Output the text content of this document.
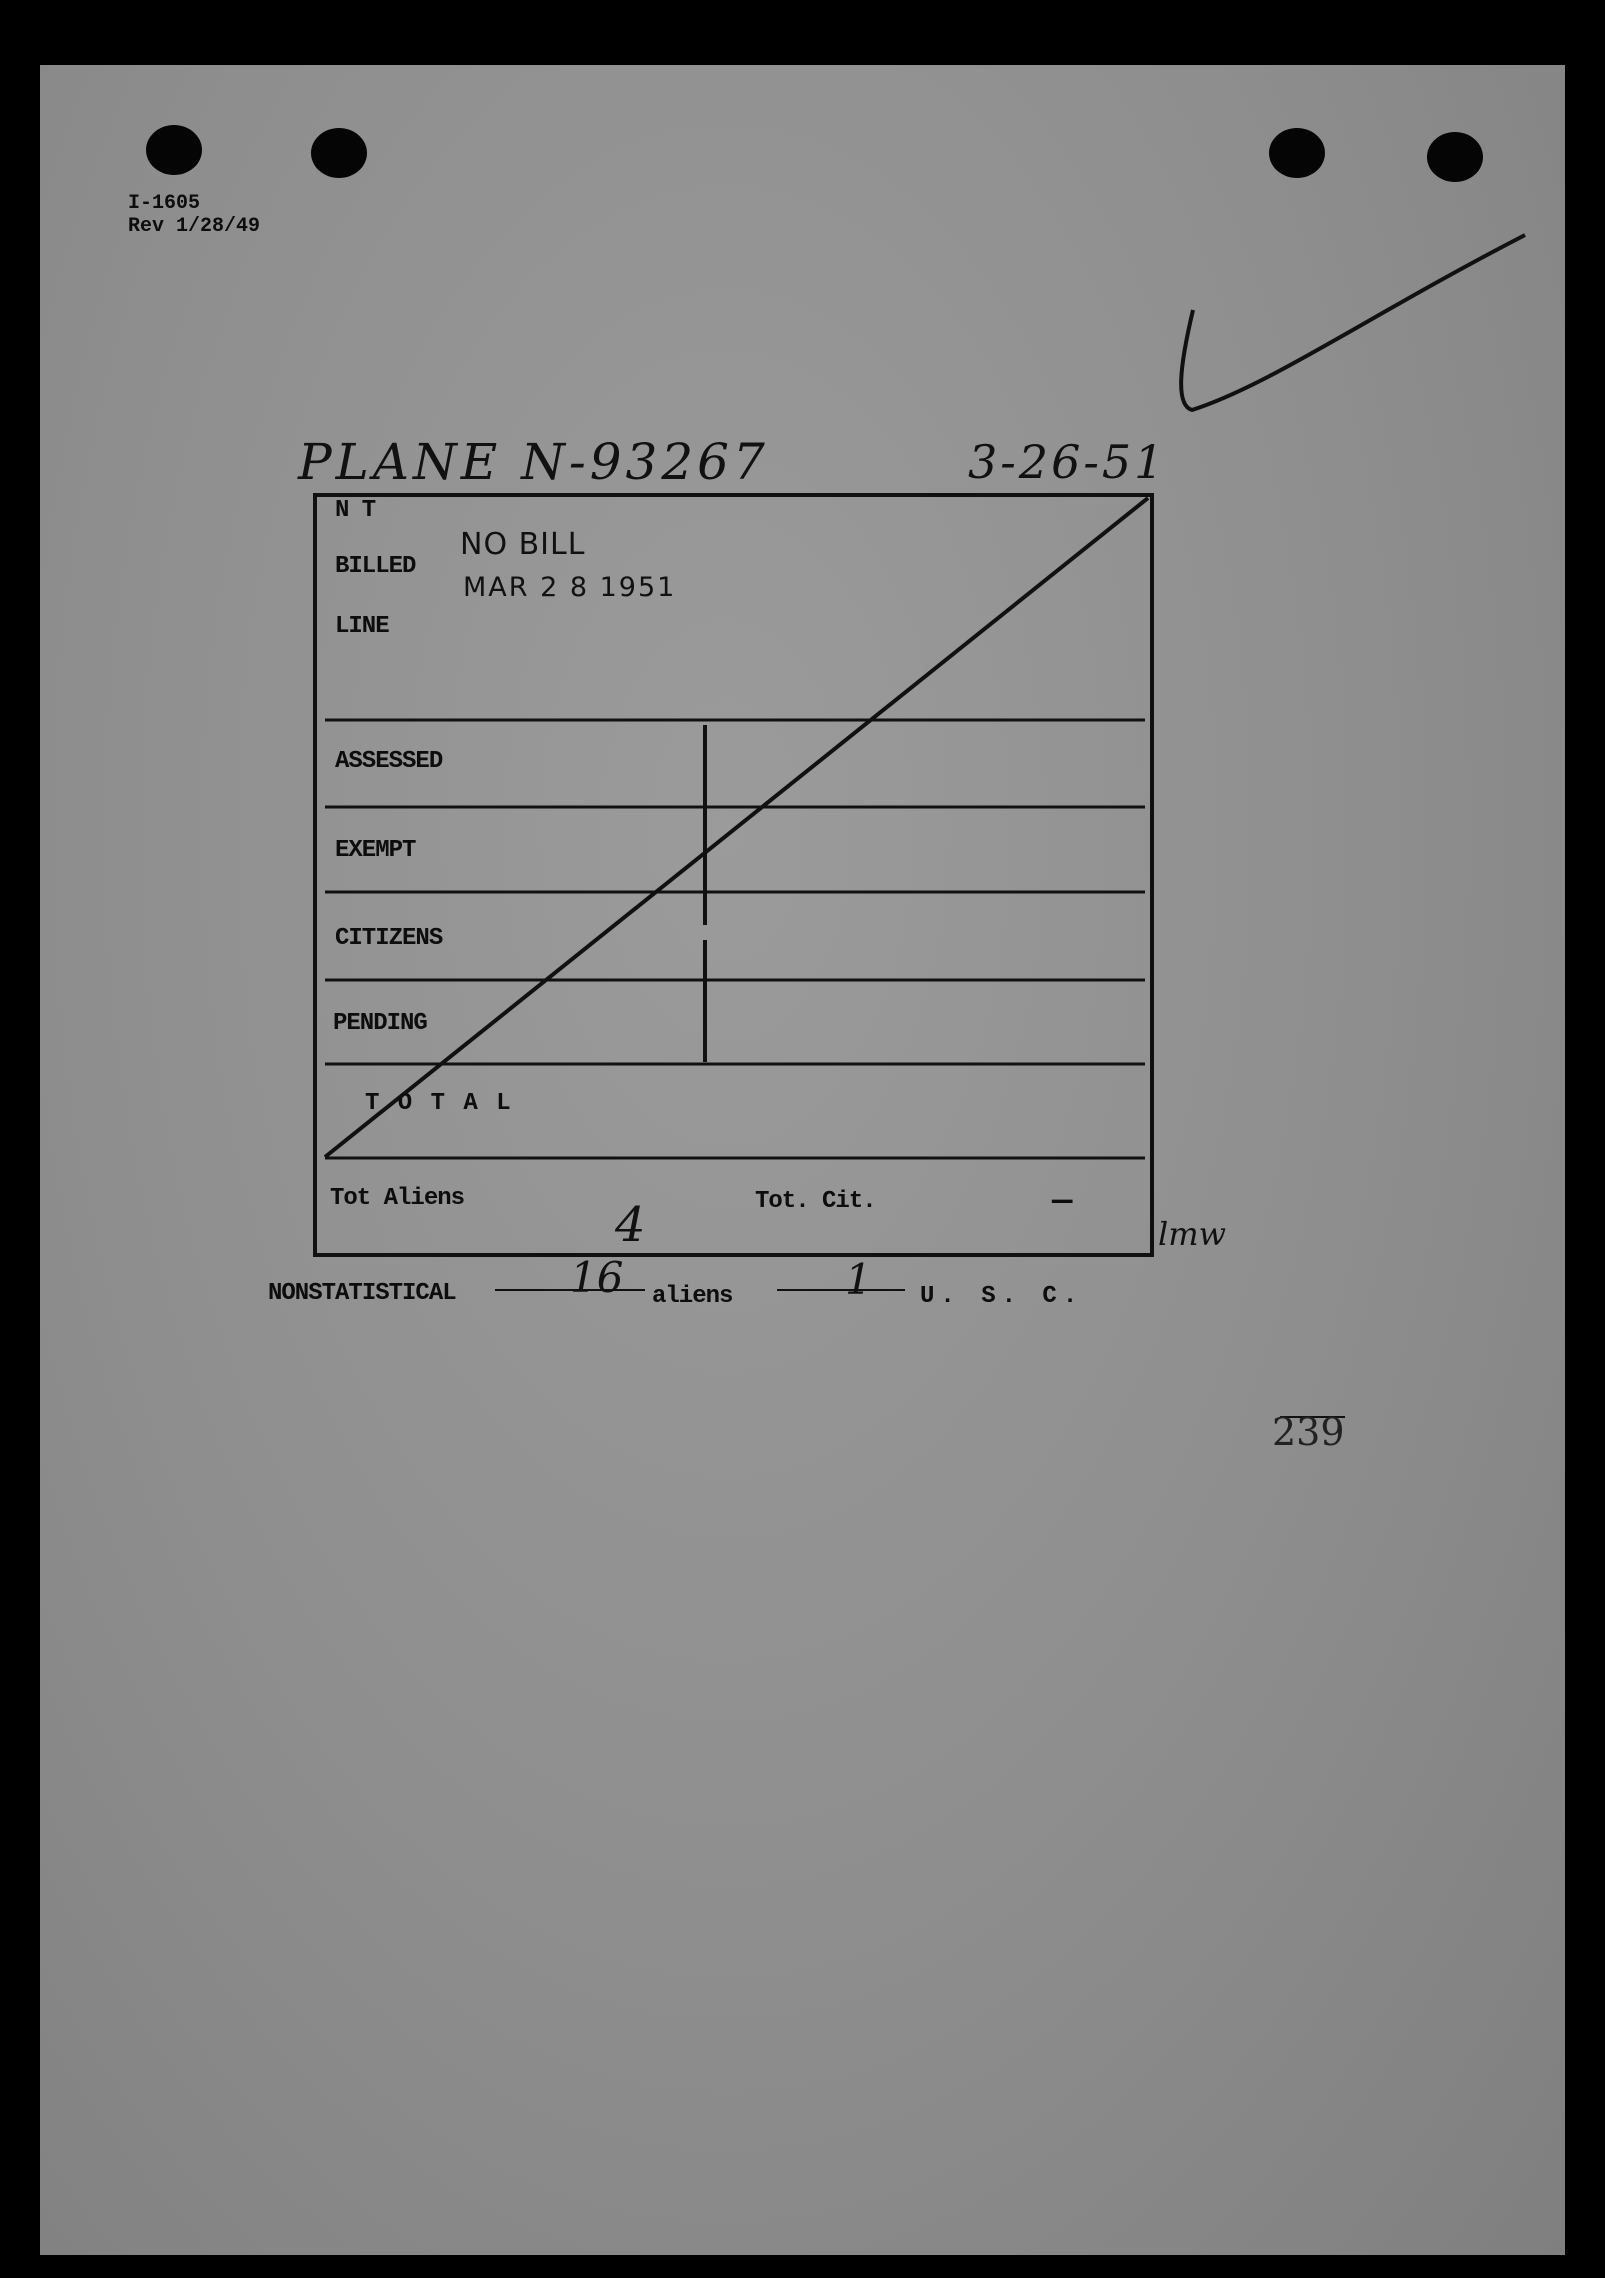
I-1605
Rev 1/28/49
PLANE N-93267	3-26-51
NO BILL
MAR 2 8 1951
N T
BILLED
LINE
ASSESSED
EXEMPT
CITIZENS
PENDING
T O T A L
Tot Aliens	4	Tot. Cit.	—
lmw
NONSTATISTICAL	16 aliens	1 U. S. C.
239
